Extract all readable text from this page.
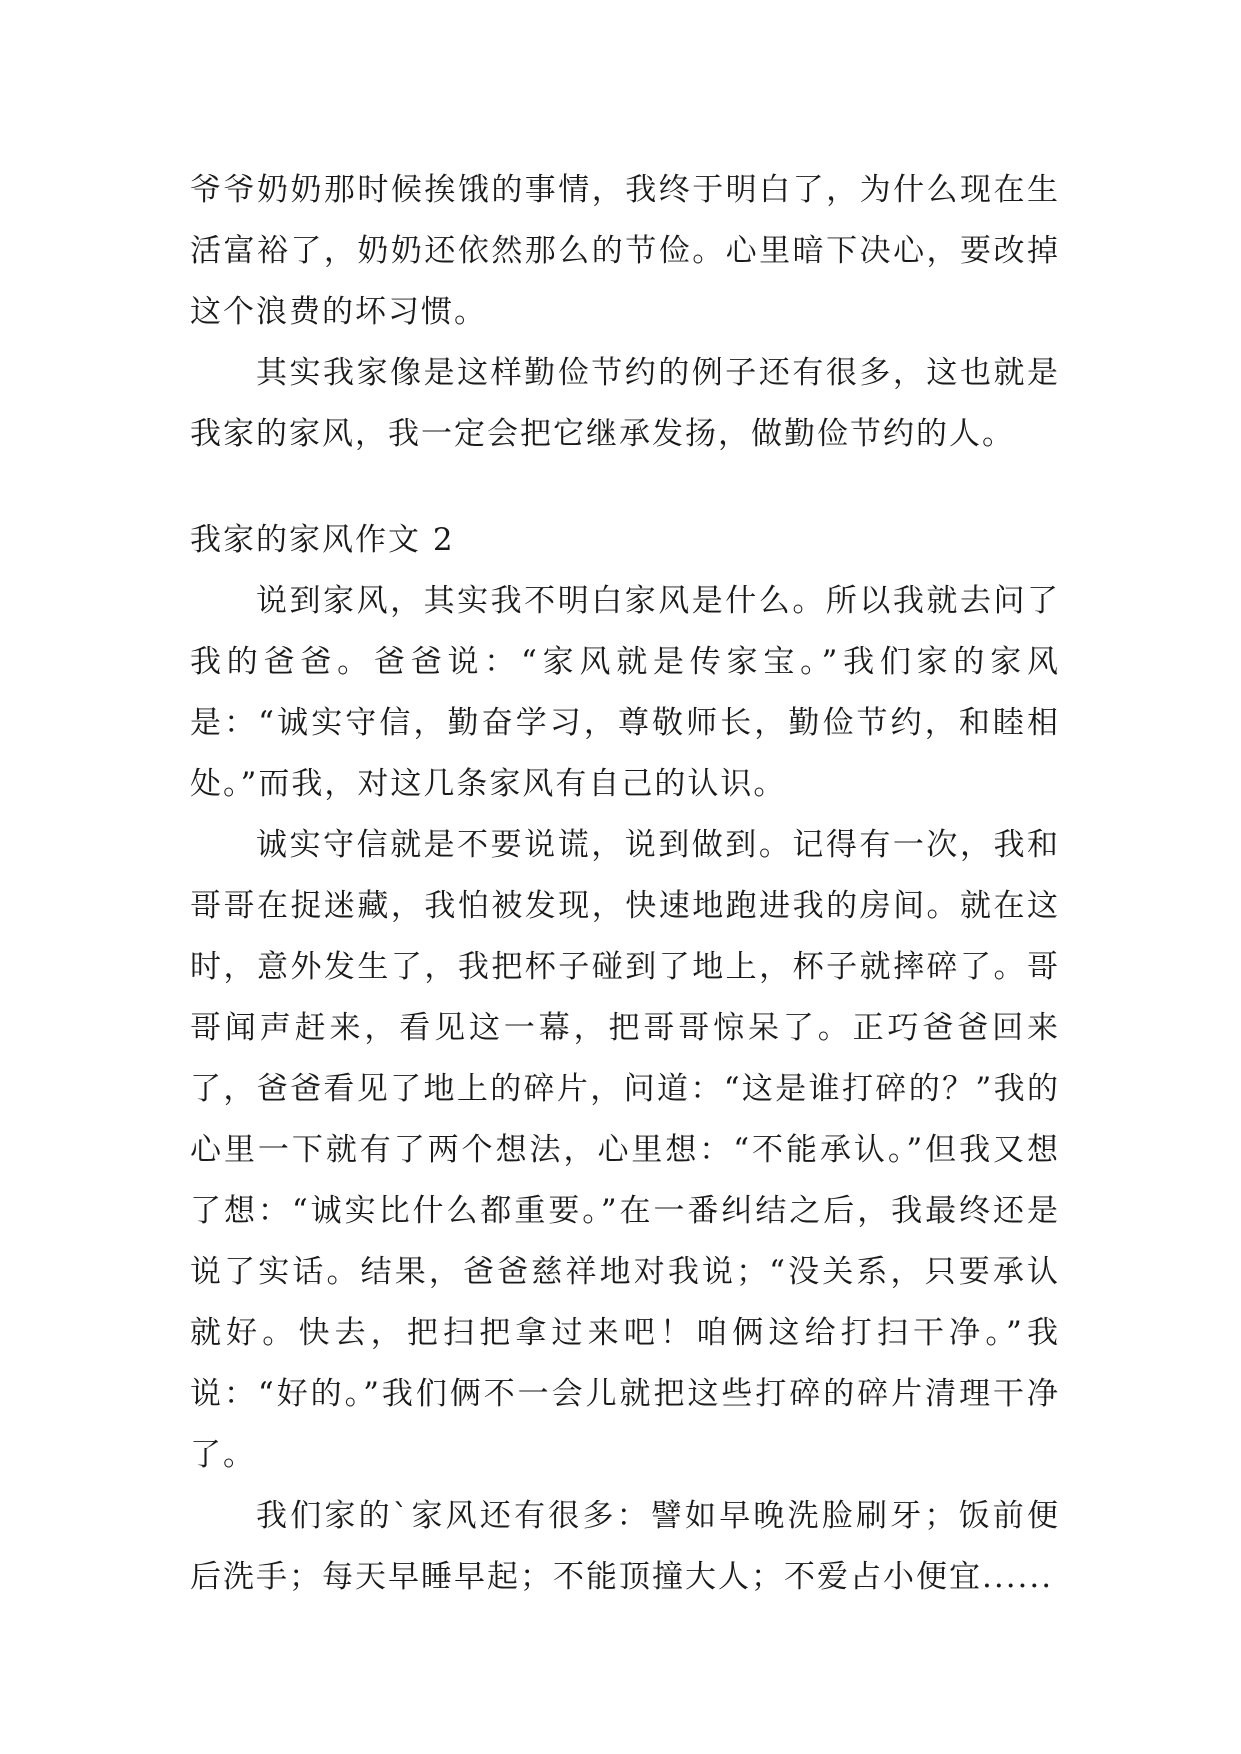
爷爷奶奶那时候挨饿的事情，我终于明白了，为什么现在生活富裕了，奶奶还依然那么的节俭。心里暗下决心，要改掉这个浪费的坏习惯。

其实我家像是这样勤俭节约的例子还有很多，这也就是我家的家风，我一定会把它继承发扬，做勤俭节约的人。

我家的家风作文 2

说到家风，其实我不明白家风是什么。所以我就去问了我的爸爸。爸爸说：“家风就是传家宝。”我们家的家风是：“诚实守信，勤奋学习，尊敬师长，勤俭节约，和睦相处。”而我，对这几条家风有自己的认识。

诚实守信就是不要说谎，说到做到。记得有一次，我和哥哥在捉迷藏，我怕被发现，快速地跑进我的房间。就在这时，意外发生了，我把杯子碰到了地上，杯子就摔碎了。哥哥闻声赶来，看见这一幕，把哥哥惊呆了。正巧爸爸回来了，爸爸看见了地上的碎片，问道：“这是谁打碎的？”我的心里一下就有了两个想法，心里想：“不能承认。”但我又想了想：“诚实比什么都重要。”在一番纠结之后，我最终还是说了实话。结果，爸爸慈祥地对我说；“没关系，只要承认就好。快去，把扫把拿过来吧！咱俩这给打扫干净。”我说：“好的。”我们俩不一会儿就把这些打碎的碎片清理干净了。

我们家的`家风还有很多：譬如早晚洗脸刷牙；饭前便后洗手；每天早睡早起；不能顶撞大人；不爱占小便宜......
